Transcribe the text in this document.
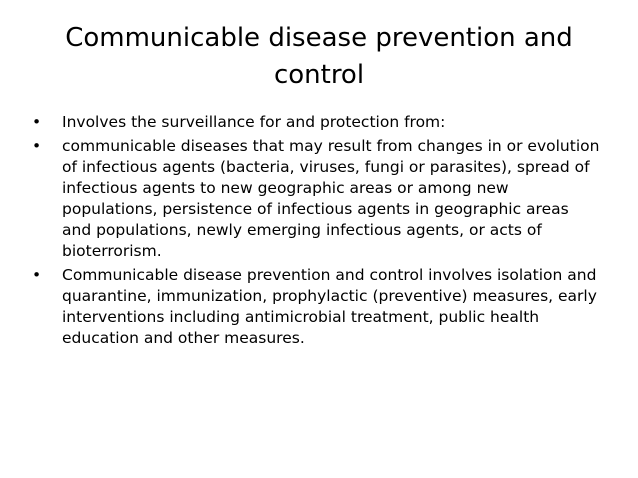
Communicable disease prevention and control
•	Involves the surveillance for and protection from:
•	communicable diseases that may result from changes in or evolution of infectious agents (bacteria, viruses, fungi or parasites), spread of infectious agents to new geographic areas or among new populations, persistence of infectious agents in geographic areas and populations, newly emerging infectious agents, or acts of bioterrorism.
•	Communicable disease prevention and control involves isolation and quarantine, immunization, prophylactic (preventive) measures, early interventions including antimicrobial treatment, public health education and other measures.
